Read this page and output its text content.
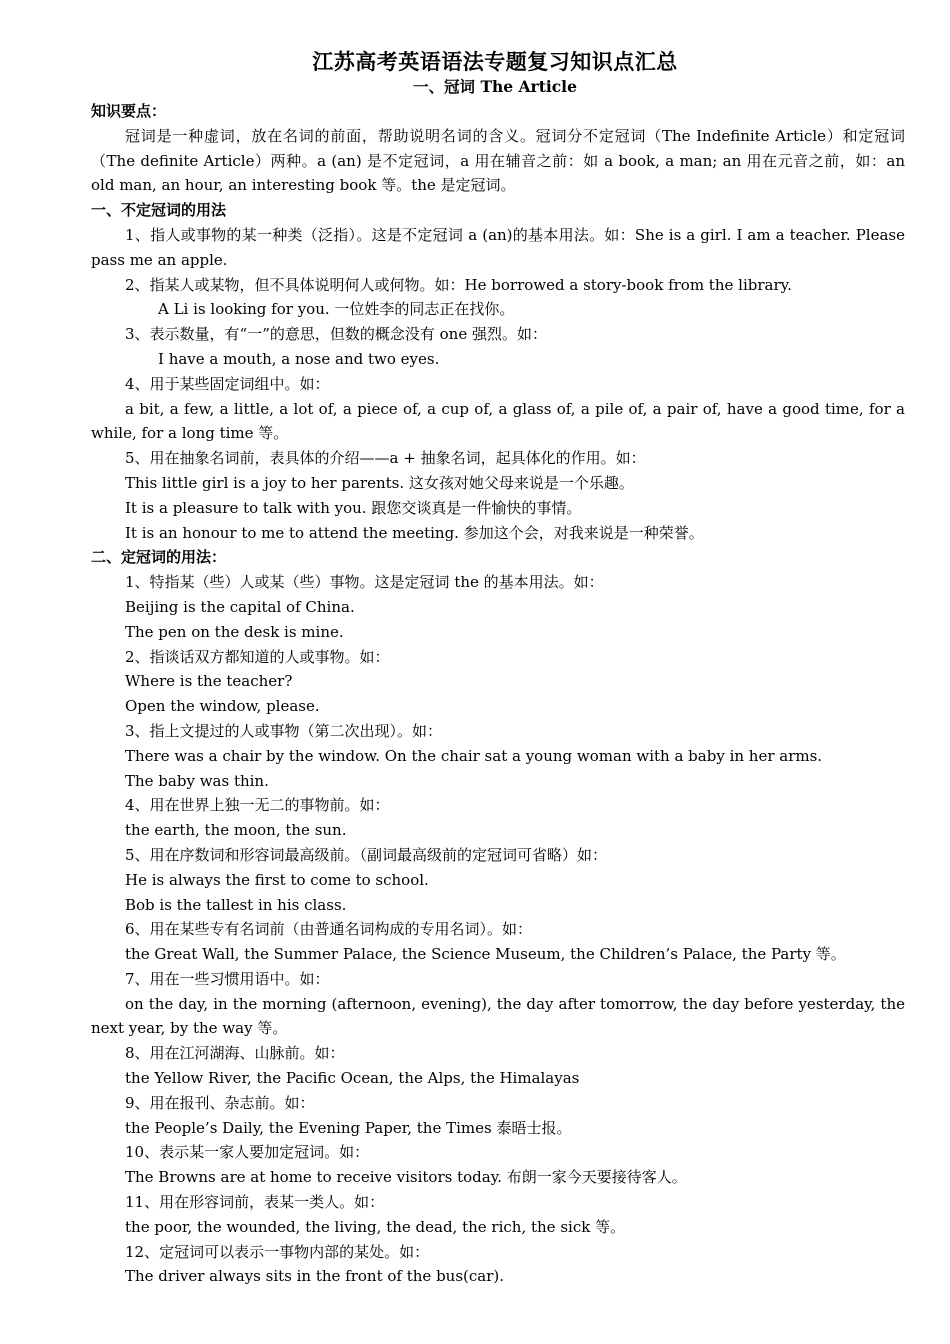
江苏高考英语语法专题复习知识点汇总
一、冠词 The Article

知识要点：

冠词是一种虚词，放在名词的前面，帮助说明名词的含义。冠词分不定冠词（The Indefinite Article）和定冠词（The definite Article）两种。a (an) 是不定冠词，a 用在辅音之前：如 a book, a man; an 用在元音之前，如：an old man, an hour, an interesting book 等。the 是定冠词。

一、不定冠词的用法

1、指人或事物的某一种类（泛指）。这是不定冠词 a (an)的基本用法。如：She is a girl. I am a teacher. Please pass me an apple.

2、指某人或某物，但不具体说明何人或何物。如：He borrowed a story-book from the library.

A Li is looking for you. 一位姓李的同志正在找你。

3、表示数量，有“一”的意思，但数的概念没有 one 强烈。如：

I have a mouth, a nose and two eyes.

4、用于某些固定词组中。如：

a bit, a few, a little, a lot of, a piece of, a cup of, a glass of, a pile of, a pair of, have a good time, for a while, for a long time 等。

5、用在抽象名词前，表具体的介绍——a + 抽象名词，起具体化的作用。如：

This little girl is a joy to her parents. 这女孩对她父母来说是一个乐趣。

It is a pleasure to talk with you. 跟您交谈真是一件愉快的事情。

It is an honour to me to attend the meeting. 参加这个会，对我来说是一种荣誉。

二、定冠词的用法：

1、特指某（些）人或某（些）事物。这是定冠词 the 的基本用法。如：

Beijing is the capital of China.

The pen on the desk is mine.

2、指谈话双方都知道的人或事物。如：

Where is the teacher?

Open the window, please.

3、指上文提过的人或事物（第二次出现）。如：

There was a chair by the window. On the chair sat a young woman with a baby in her arms.

The baby was thin.

4、用在世界上独一无二的事物前。如：

the earth, the moon, the sun.

5、用在序数词和形容词最高级前。（副词最高级前的定冠词可省略）如：

He is always the first to come to school.

Bob is the tallest in his class.

6、用在某些专有名词前（由普通名词构成的专用名词）。如：

the Great Wall, the Summer Palace, the Science Museum, the Children’s Palace, the Party 等。

7、用在一些习惯用语中。如：

on the day, in the morning (afternoon, evening), the day after tomorrow, the day before yesterday, the next year, by the way 等。

8、用在江河湖海、山脉前。如：

the Yellow River, the Pacific Ocean, the Alps, the Himalayas

9、用在报刊、杂志前。如：

the People’s Daily, the Evening Paper, the Times 泰晤士报。

10、表示某一家人要加定冠词。如：

The Browns are at home to receive visitors today. 布朗一家今天要接待客人。

11、用在形容词前，表某一类人。如：

the poor, the wounded, the living, the dead, the rich, the sick 等。

12、定冠词可以表示一事物内部的某处。如：

The driver always sits in the front of the bus(car).
